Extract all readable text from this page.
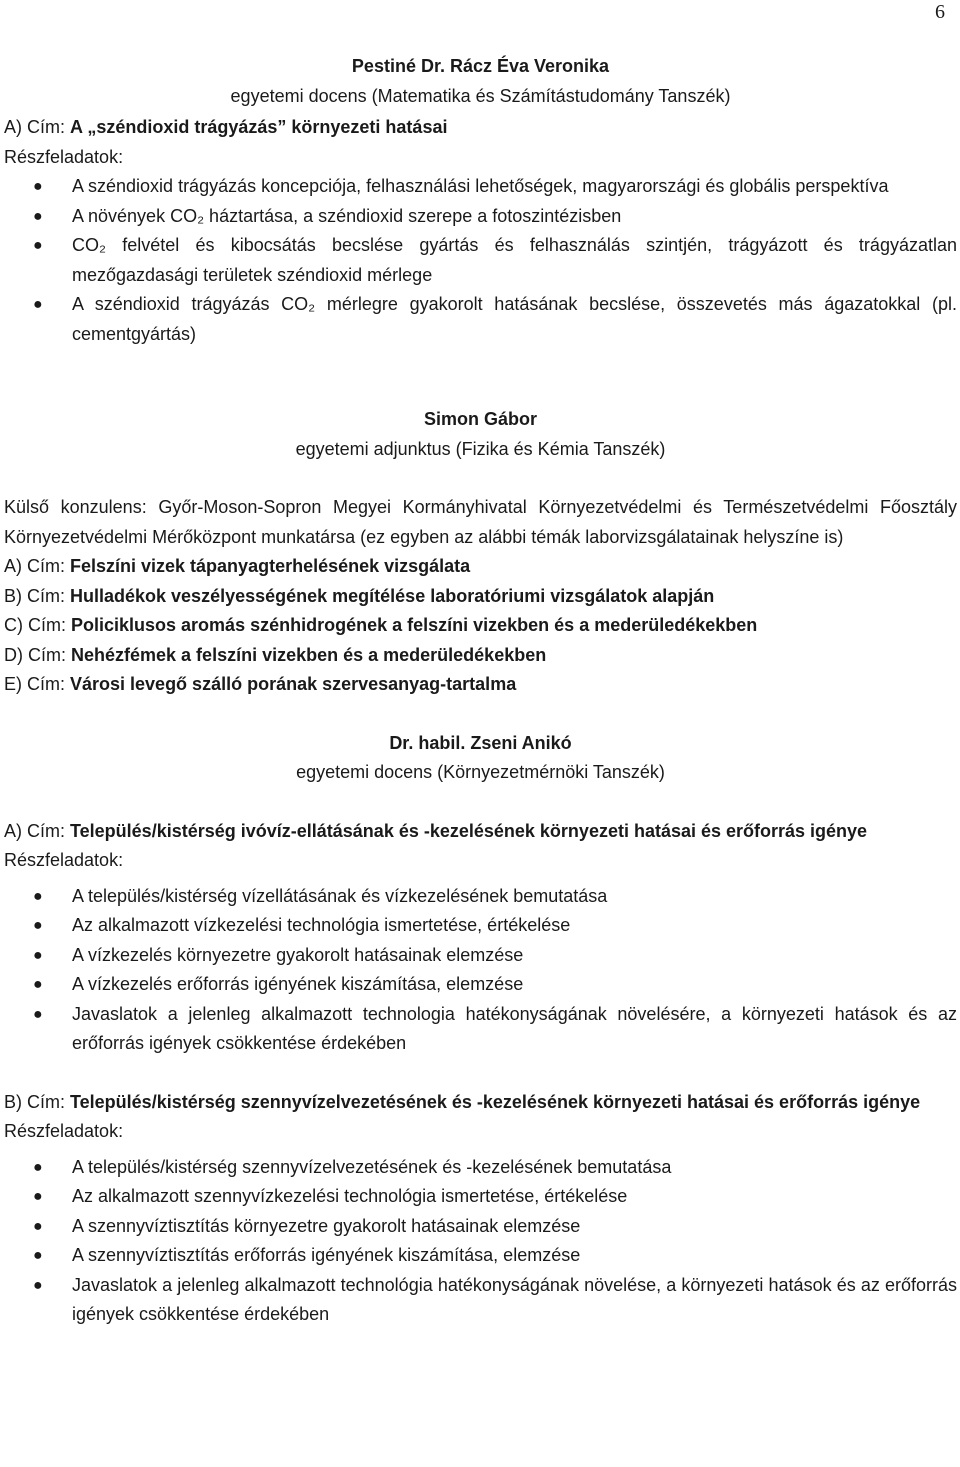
6
Pestiné Dr. Rácz Éva Veronika
egyetemi docens (Matematika és Számítástudomány Tanszék)
A) Cím: A „széndioxid trágyázás” környezeti hatásai
Részfeladatok:
● A széndioxid trágyázás koncepciója, felhasználási lehetőségek, magyarországi és globális perspektíva
● A növények CO₂ háztartása, a széndioxid szerepe a fotoszintézisben
● CO₂ felvétel és kibocsátás becslése gyártás és felhasználás szintjén, trágyázott és trágyázatlan mezőgazdasági területek széndioxid mérlege
● A széndioxid trágyázás CO₂ mérlegre gyakorolt hatásának becslése, összevetés más ágazatokkal (pl. cementgyártás)
Simon Gábor
egyetemi adjunktus (Fizika és Kémia Tanszék)
Külső konzulens: Győr-Moson-Sopron Megyei Kormányhivatal Környezetvédelmi és Természetvédelmi Főosztály Környezetvédelmi Mérőközpont munkatársa (ez egyben az alábbi témák laborvizsgálatainak helyszíne is)
A) Cím: Felszíni vizek tápanyagterhelésének vizsgálata
B) Cím: Hulladékok veszélyességének megítélése laboratóriumi vizsgálatok alapján
C) Cím: Policiklusos aromás szénhidrogének a felszíni vizekben és a mederüledékekben
D) Cím: Nehézfémek a felszíni vizekben és a mederüledékekben
E) Cím: Városi levegő szálló porának szervesanyag-tartalma
Dr. habil. Zseni Anikó
egyetemi docens (Környezetmérnöki Tanszék)
A) Cím: Település/kistérség ivóvíz-ellátásának és -kezelésének környezeti hatásai és erőforrás igénye
Részfeladatok:
● A település/kistérség vízellátásának és vízkezelésének bemutatása
● Az alkalmazott vízkezelési technológia ismertetése, értékelése
● A vízkezelés környezetre gyakorolt hatásainak elemzése
● A vízkezelés erőforrás igényének kiszámítása, elemzése
● Javaslatok a jelenleg alkalmazott technologia hatékonyságának növelésére, a környezeti hatások és az erőforrás igények csökkentése érdekében
B) Cím: Település/kistérség szennyvízelvezetésének és -kezelésének környezeti hatásai és erőforrás igénye
Részfeladatok:
● A település/kistérség szennyvízelvezetésének és -kezelésének bemutatása
● Az alkalmazott szennyvízkezelési technológia ismertetése, értékelése
● A szennyvíztisztítás környezetre gyakorolt hatásainak elemzése
● A szennyvíztisztítás erőforrás igényének kiszámítása, elemzése
● Javaslatok a jelenleg alkalmazott technológia hatékonyságának növelése, a környezeti hatások és az erőforrás igények csökkentése érdekében
